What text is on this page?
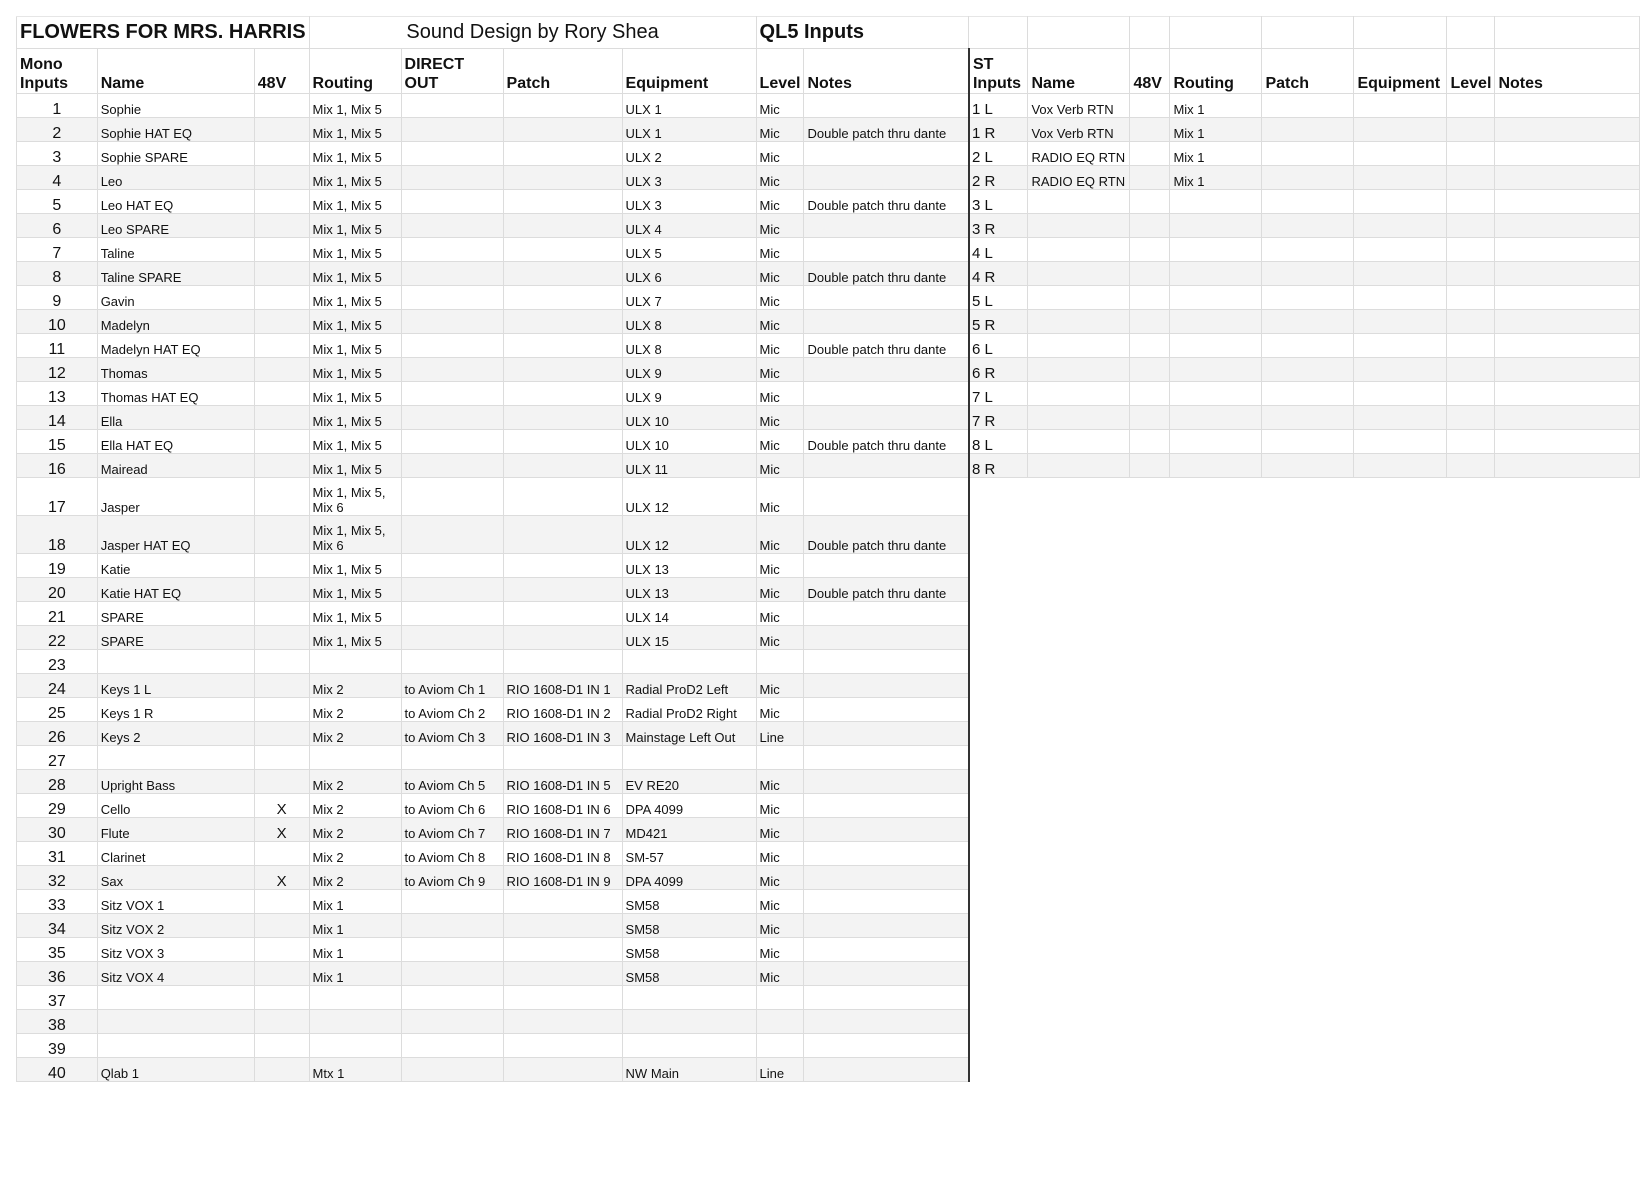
FLOWERS FOR MRS. HARRIS			Sound Design by Rory Shea				QL5 Inputs									
Mono Inputs	Name	48V	Routing	DIRECT OUT	Patch	Equipment	Level	Notes	ST Inputs	Name	48V	Routing	Patch	Equipment	Level	Notes
1	Sophie		Mix 1, Mix 5			ULX 1	Mic		1 L	Vox Verb RTN		Mix 1				
2	Sophie HAT EQ		Mix 1, Mix 5			ULX 1	Mic	Double patch thru dante	1 R	Vox Verb RTN		Mix 1				
3	Sophie SPARE		Mix 1, Mix 5			ULX 2	Mic		2 L	RADIO EQ RTN		Mix 1				
4	Leo		Mix 1, Mix 5			ULX 3	Mic		2 R	RADIO EQ RTN		Mix 1				
5	Leo HAT EQ		Mix 1, Mix 5			ULX 3	Mic	Double patch thru dante	3 L							
6	Leo SPARE		Mix 1, Mix 5			ULX 4	Mic		3 R							
7	Taline		Mix 1, Mix 5			ULX 5	Mic		4 L							
8	Taline SPARE		Mix 1, Mix 5			ULX 6	Mic	Double patch thru dante	4 R							
9	Gavin		Mix 1, Mix 5			ULX 7	Mic		5 L							
10	Madelyn		Mix 1, Mix 5			ULX 8	Mic		5 R							
11	Madelyn HAT EQ		Mix 1, Mix 5			ULX 8	Mic	Double patch thru dante	6 L							
12	Thomas		Mix 1, Mix 5			ULX 9	Mic		6 R							
13	Thomas HAT EQ		Mix 1, Mix 5			ULX 9	Mic		7 L							
14	Ella		Mix 1, Mix 5			ULX 10	Mic		7 R							
15	Ella HAT EQ		Mix 1, Mix 5			ULX 10	Mic	Double patch thru dante	8 L							
16	Mairead		Mix 1, Mix 5			ULX 11	Mic		8 R							
17	Jasper		Mix 1, Mix 5, Mix 6			ULX 12	Mic									
18	Jasper HAT EQ		Mix 1, Mix 5, Mix 6			ULX 12	Mic	Double patch thru dante								
19	Katie		Mix 1, Mix 5			ULX 13	Mic									
20	Katie HAT EQ		Mix 1, Mix 5			ULX 13	Mic	Double patch thru dante								
21	SPARE		Mix 1, Mix 5			ULX 14	Mic									
22	SPARE		Mix 1, Mix 5			ULX 15	Mic									
23																
24	Keys 1 L		Mix 2	to Aviom Ch 1	RIO 1608-D1 IN 1	Radial ProD2 Left	Mic									
25	Keys 1 R		Mix 2	to Aviom Ch 2	RIO 1608-D1 IN 2	Radial ProD2 Right	Mic									
26	Keys 2		Mix 2	to Aviom Ch 3	RIO 1608-D1 IN 3	Mainstage Left Out	Line									
27																
28	Upright Bass		Mix 2	to Aviom Ch 5	RIO 1608-D1 IN 5	EV RE20	Mic									
29	Cello	X	Mix 2	to Aviom Ch 6	RIO 1608-D1 IN 6	DPA 4099	Mic									
30	Flute	X	Mix 2	to Aviom Ch 7	RIO 1608-D1 IN 7	MD421	Mic									
31	Clarinet		Mix 2	to Aviom Ch 8	RIO 1608-D1 IN 8	SM-57	Mic									
32	Sax	X	Mix 2	to Aviom Ch 9	RIO 1608-D1 IN 9	DPA 4099	Mic									
33	Sitz VOX 1		Mix 1			SM58	Mic									
34	Sitz VOX 2		Mix 1			SM58	Mic									
35	Sitz VOX 3		Mix 1			SM58	Mic									
36	Sitz VOX 4		Mix 1			SM58	Mic									
37																
38																
39																
40	Qlab 1		Mtx 1			NW Main	Line									
